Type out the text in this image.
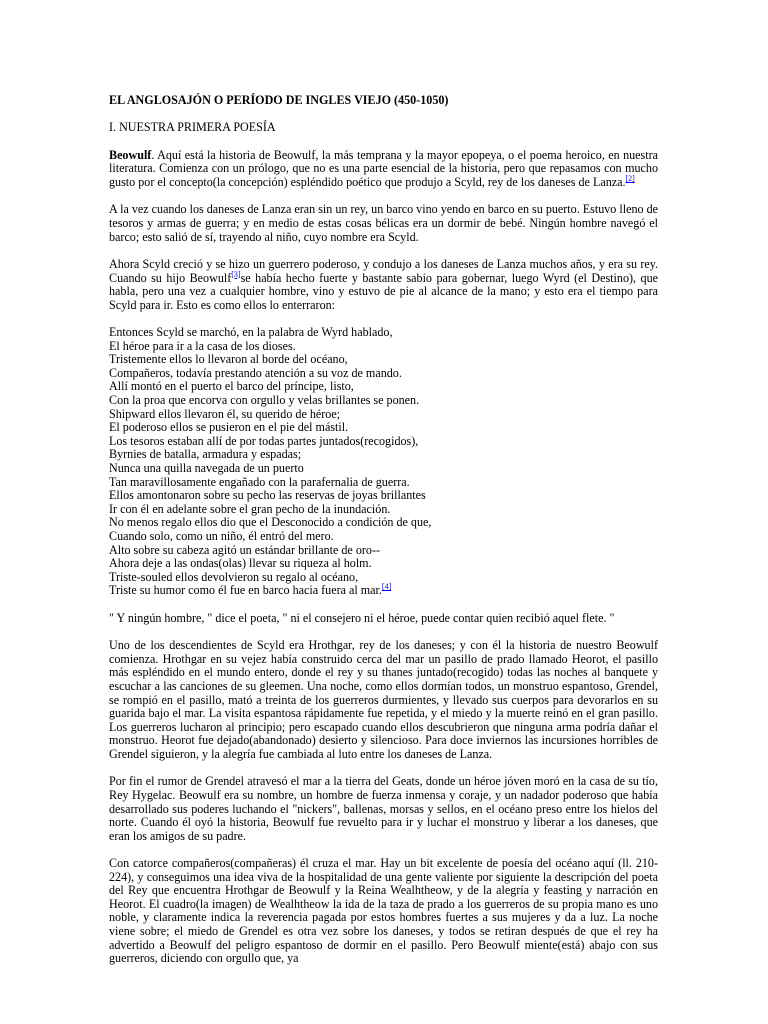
EL ANGLOSAJÓN O PERÍODO DE INGLES VIEJO (450-1050)
I. NUESTRA PRIMERA POESÍA

Beowulf. Aquí está la historia de Beowulf, la más temprana y la mayor epopeya, o el poema heroico, en nuestra literatura. Comienza con un prólogo, que no es una parte esencial de la historia, pero que repasamos con mucho gusto por el concepto(la concepción) espléndido poético que produjo a Scyld, rey de los daneses de Lanza.[2]

A la vez cuando los daneses de Lanza eran sin un rey, un barco vino yendo en barco en su puerto. Estuvo lleno de tesoros y armas de guerra; y en medio de estas cosas bélicas era un dormir de bebé. Ningún hombre navegó el barco; esto salió de sí, trayendo al niño, cuyo nombre era Scyld.

Ahora Scyld creció y se hizo un guerrero poderoso, y condujo a los daneses de Lanza muchos años, y era su rey. Cuando su hijo Beowulf[3]se había hecho fuerte y bastante sabio para gobernar, luego Wyrd (el Destino), que habla, pero una vez a cualquier hombre, vino y estuvo de pie al alcance de la mano; y esto era el tiempo para Scyld para ir. Esto es como ellos lo enterraron:

Entonces Scyld se marchó, en la palabra de Wyrd hablado,
El héroe para ir a la casa de los dioses.
Tristemente ellos lo llevaron al borde del océano,
Compañeros, todavía prestando atención a su voz de mando.
Allí montó en el puerto el barco del príncipe, listo,
Con la proa que encorva con orgullo y velas brillantes se ponen.
Shipward ellos llevaron él, su querido de héroe;
El poderoso ellos se pusieron en el pie del mástil.
Los tesoros estaban allí de por todas partes juntados(recogidos),
Byrnies de batalla, armadura y espadas;
Nunca una quilla navegada de un puerto
Tan maravillosamente engañado con la parafernalia de guerra.
Ellos amontonaron sobre su pecho las reservas de joyas brillantes
Ir con él en adelante sobre el gran pecho de la inundación.
No menos regalo ellos dio que el Desconocido a condición de que,
Cuando solo, como un niño, él entró del mero.
Alto sobre su cabeza agitó un estándar brillante de oro--
Ahora deje a las ondas(olas) llevar su riqueza al holm.
Triste-souled ellos devolvieron su regalo al océano,
Triste su humor como él fue en barco hacia fuera al mar.[4]

" Y ningún hombre, " dice el poeta, " ni el consejero ni el héroe, puede contar quien recibió aquel flete. "

Uno de los descendientes de Scyld era Hrothgar, rey de los daneses; y con él la historia de nuestro Beowulf comienza. Hrothgar en su vejez había construido cerca del mar un pasillo de prado llamado Heorot, el pasillo más espléndido en el mundo entero, donde el rey y su thanes juntado(recogido) todas las noches al banquete y escuchar a las canciones de su gleemen. Una noche, como ellos dormían todos, un monstruo espantoso, Grendel, se rompió en el pasillo, mató a treinta de los guerreros durmientes, y llevado sus cuerpos para devorarlos en su guarida bajo el mar. La visita espantosa rápidamente fue repetida, y el miedo y la muerte reinó en el gran pasillo. Los guerreros lucharon al principio; pero escapado cuando ellos descubrieron que ninguna arma podría dañar el monstruo. Heorot fue dejado(abandonado) desierto y silencioso. Para doce inviernos las incursiones horribles de Grendel siguieron, y la alegría fue cambiada al luto entre los daneses de Lanza.

Por fin el rumor de Grendel atravesó el mar a la tierra del Geats, donde un héroe jóven moró en la casa de su tío, Rey Hygelac. Beowulf era su nombre, un hombre de fuerza inmensa y coraje, y un nadador poderoso que había desarrollado sus poderes luchando el "nickers", ballenas, morsas y sellos, en el océano preso entre los hielos del norte. Cuando él oyó la historia, Beowulf fue revuelto para ir y luchar el monstruo y liberar a los daneses, que eran los amigos de su padre.

Con catorce compañeros(compañeras) él cruza el mar. Hay un bit excelente de poesía del océano aquí (ll. 210-224), y conseguimos una idea viva de la hospitalidad de una gente valiente por siguiente la descripción del poeta del Rey que encuentra Hrothgar de Beowulf y la Reina Wealhtheow, y de la alegría y feasting y narración en Heorot. El cuadro(la imagen) de Wealhtheow la ida de la taza de prado a los guerreros de su propia mano es uno noble, y claramente indica la reverencia pagada por estos hombres fuertes a sus mujeres y da a luz. La noche viene sobre; el miedo de Grendel es otra vez sobre los daneses, y todos se retiran después de que el rey ha advertido a Beowulf del peligro espantoso de dormir en el pasillo. Pero Beowulf miente(está) abajo con sus guerreros, diciendo con orgullo que, ya
